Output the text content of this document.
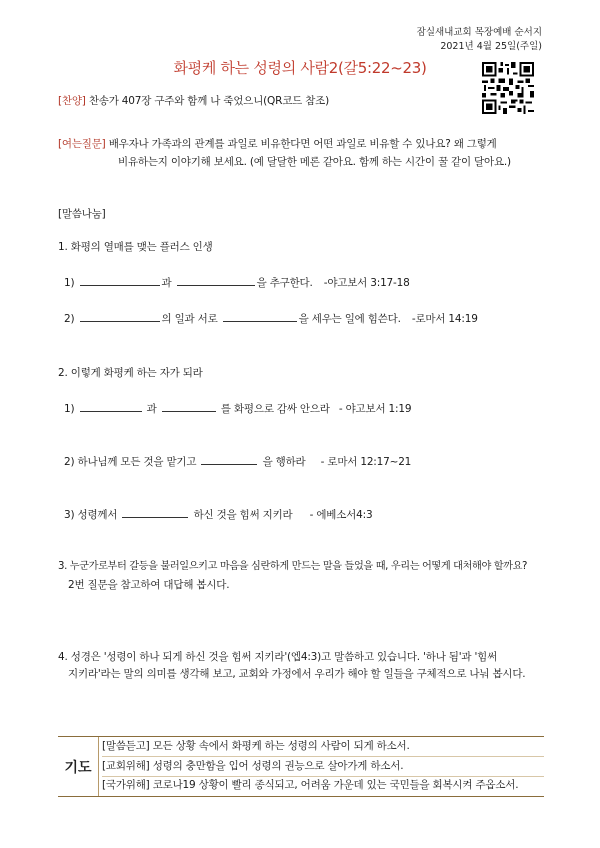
잠실새내교회 목장예배 순서지
2021년 4월 25일(주일)
화평케 하는 성령의 사람2(갈5:22~23)
[찬양] 찬송가 407장 구주와 함께 나 죽었으니(QR코드 참조)
[여는질문] 배우자나 가족과의 관계를 과일로 비유한다면 어떤 과일로 비유할 수 있나요? 왜 그렇게
비유하는지 이야기해 보세요. (예 달달한 메론 같아요. 함께 하는 시간이 꿀 같이 달아요.)
[말씀나눔]
1. 화평의 열매를 맺는 플러스 인생
1)	과	을 추구한다. -야고보서 3:17-18
2)	의 일과 서로	을 세우는 일에 힘쓴다. -로마서 14:19
2. 이렇게 화평케 하는 자가 되라
1)	과	를 화평으로 감싸 안으라 - 야고보서 1:19
2) 하나님께 모든 것을 맡기고	을 행하라 - 로마서 12:17~21
3) 성령께서	하신 것을 힘써 지키라 - 에베소서4:3
3. 누군가로부터 갈등을 불러일으키고 마음을 심란하게 만드는 말을 들었을 때, 우리는 어떻게 대처해야 할까요?
2번 질문을 참고하여 대답해 봅시다.
4. 성경은 '성령이 하나 되게 하신 것을 힘써 지키라'(엡4:3)고 말씀하고 있습니다. '하나 됨'과 '힘써
지키라'라는 말의 의미를 생각해 보고, 교회와 가정에서 우리가 해야 할 일들을 구체적으로 나눠 봅시다.
기도
[말씀듣고] 모든 상황 속에서 화평케 하는 성령의 사람이 되게 하소서.
[교회위해] 성령의 충만함을 입어 성령의 권능으로 살아가게 하소서.
[국가위해] 코로나19 상황이 빨리 종식되고, 어려움 가운데 있는 국민들을 회복시켜 주옵소서.
